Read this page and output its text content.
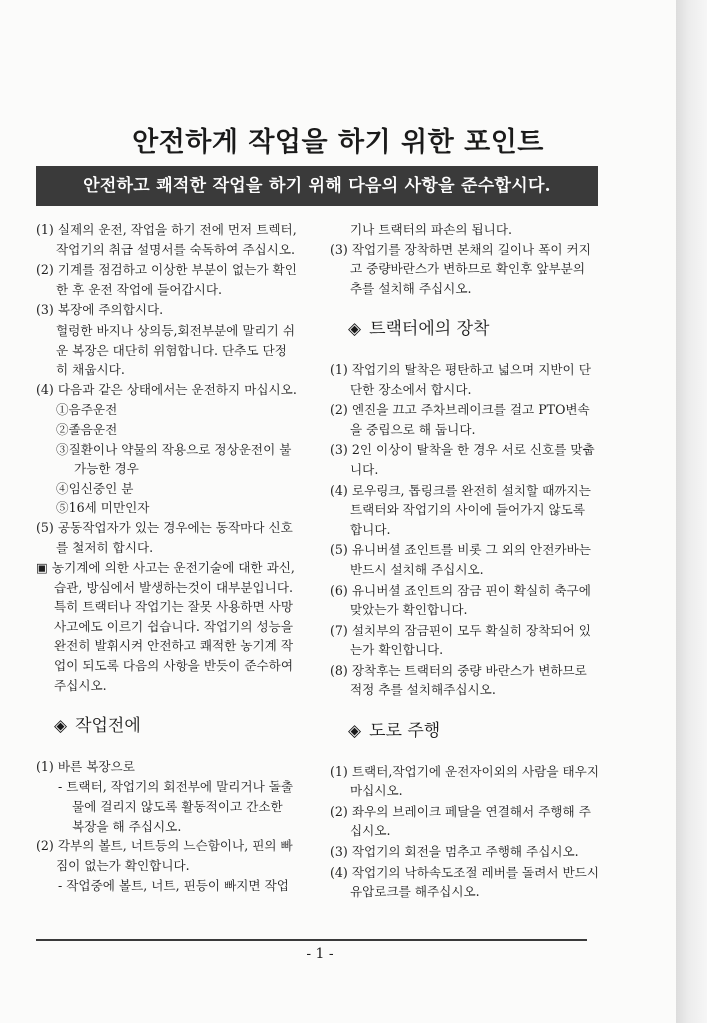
안전하게 작업을 하기 위한 포인트
안전하고 쾌적한 작업을 하기 위해 다음의 사항을 준수합시다.
(1) 실제의 운전, 작업을 하기 전에 먼저 트렉터, 작업기의 취급 설명서를 숙독하여 주십시오.
(2) 기계를 점검하고 이상한 부분이 없는가 확인 한 후 운전 작업에 들어갑시다.
(3) 복장에 주의합시다.
헐렁한 바지나 상의등,회전부분에 말리기 쉬운 복장은 대단히 위험합니다. 단추도 단정히 채웁시다.
(4) 다음과 같은 상태에서는 운전하지 마십시오.
①음주운전
②졸음운전
③질환이나 약물의 작용으로 정상운전이 불가능한 경우
④임신중인 분
⑤16세 미만인자
(5) 공동작업자가 있는 경우에는 동작마다 신호를 철저히 합시다.
▣ 농기계에 의한 사고는 운전기술에 대한 과신, 습관, 방심에서 발생하는것이 대부분입니다. 특히 트랙터나 작업기는 잘못 사용하면 사망사고에도 이르기 쉽습니다. 작업기의 성능을 완전히 발휘시켜 안전하고 쾌적한 농기계 작업이 되도록 다음의 사항을 반듯이 준수하여 주십시오.
◈ 작업전에
(1) 바른 복장으로
- 트랙터, 작업기의 회전부에 말리거나 돌출물에 걸리지 않도록 활동적이고 간소한 복장을 해 주십시오.
(2) 각부의 볼트, 너트등의 느슨함이나, 핀의 빠짐이 없는가 확인합니다.
- 작업중에 볼트, 너트, 핀등이 빠지면 작업
기나 트랙터의 파손의 됩니다.
(3) 작업기를 장착하면 본채의 길이나 폭이 커지고 중량바란스가 변하므로 확인후 앞부분의 추를 설치해 주십시오.
◈ 트랙터에의 장착
(1) 작업기의 탈착은 평탄하고 넓으며 지반이 단단한 장소에서 합시다.
(2) 엔진을 끄고 주차브레이크를 걸고 PTO변속을 중립으로 해 둡니다.
(3) 2인 이상이 탈착을 한 경우 서로 신호를 맞춥니다.
(4) 로우링크, 톱링크를 완전히 설치할 때까지는 트랙터와 작업기의 사이에 들어가지 않도록 합니다.
(5) 유니버셜 죠인트를 비롯 그 외의 안전카바는 반드시 설치해 주십시오.
(6) 유니버셜 죠인트의 잠금 핀이 확실히 축구에 맞았는가 확인합니다.
(7) 설치부의 잠금핀이 모두 확실히 장착되어 있는가 확인합니다.
(8) 장착후는 트랙터의 중량 바란스가 변하므로 적정 추를 설치해주십시오.
◈ 도로 주행
(1) 트랙터,작업기에 운전자이외의 사람을 태우지 마십시오.
(2) 좌우의 브레이크 페달을 연결해서 주행해 주십시오.
(3) 작업기의 회전을 멈추고 주행해 주십시오.
(4) 작업기의 낙하속도조절 레버를 돌려서 반드시 유압로크를 해주십시오.
- 1 -
